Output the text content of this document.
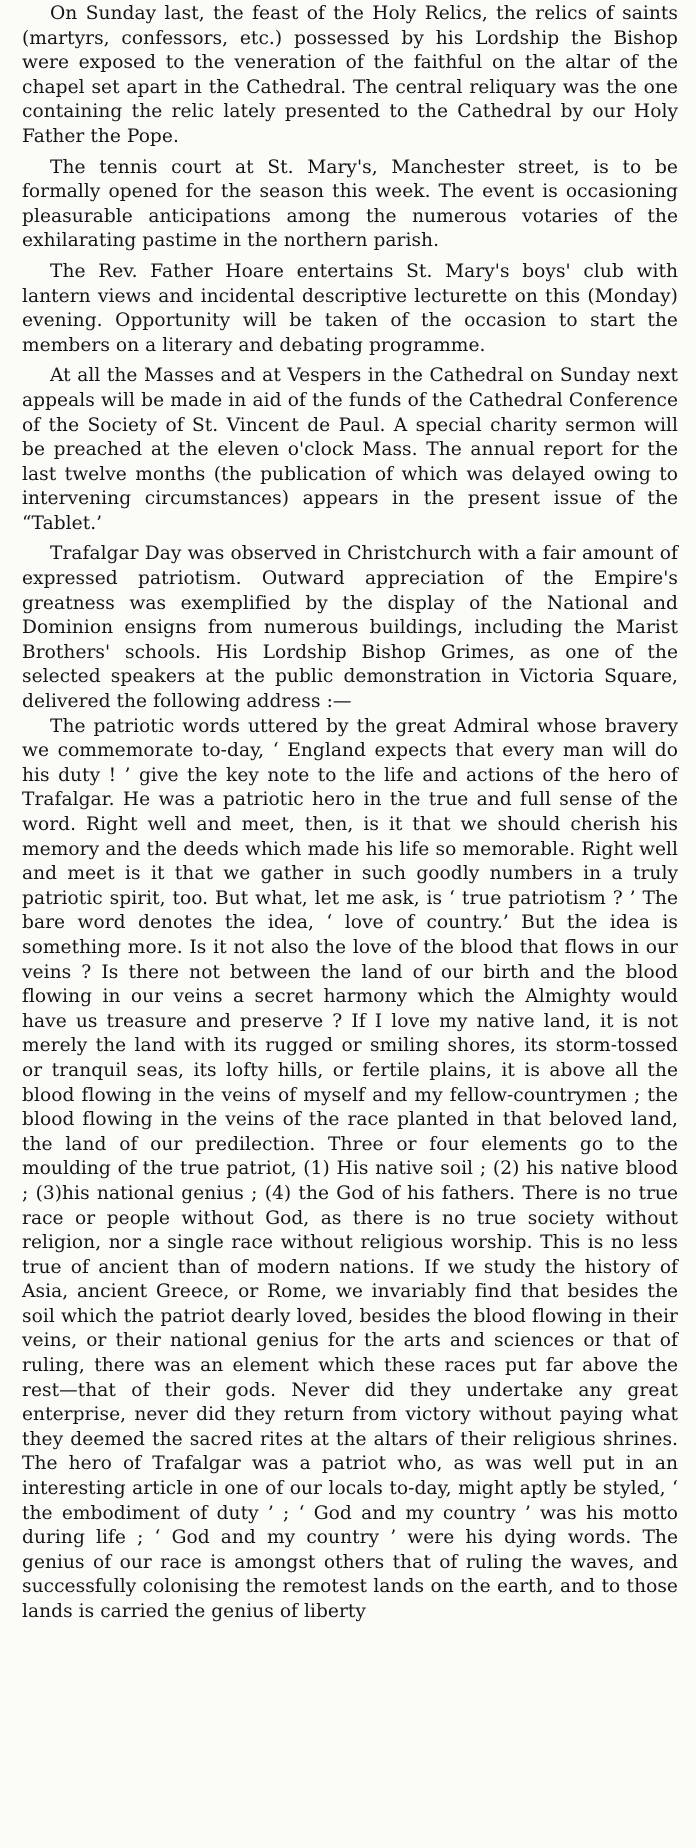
On Sunday last, the feast of the Holy Relics, the relics of saints (martyrs, confessors, etc.) possessed by his Lordship the Bishop were exposed to the veneration of the faithful on the altar of the chapel set apart in the Cathedral. The central reliquary was the one containing the relic lately presented to the Cathedral by our Holy Father the Pope.

The tennis court at St. Mary's, Manchester street, is to be formally opened for the season this week. The event is occasioning pleasurable anticipations among the numerous votaries of the exhilarating pastime in the northern parish.

The Rev. Father Hoare entertains St. Mary's boys' club with lantern views and incidental descriptive lecturette on this (Monday) evening. Opportunity will be taken of the occasion to start the members on a literary and debating programme.

At all the Masses and at Vespers in the Cathedral on Sunday next appeals will be made in aid of the funds of the Cathedral Conference of the Society of St. Vincent de Paul. A special charity sermon will be preached at the eleven o'clock Mass. The annual report for the last twelve months (the publication of which was delayed owing to intervening circumstances) appears in the present issue of the “Tablet.’

Trafalgar Day was observed in Christchurch with a fair amount of expressed patriotism. Outward appreciation of the Empire's greatness was exemplified by the display of the National and Dominion ensigns from numerous buildings, including the Marist Brothers' schools. His Lordship Bishop Grimes, as one of the selected speakers at the public demonstration in Victoria Square, delivered the following address :—

The patriotic words uttered by the great Admiral whose bravery we commemorate to-day, ‘ England expects that every man will do his duty ! ’ give the key note to the life and actions of the hero of Trafalgar. He was a patriotic hero in the true and full sense of the word. Right well and meet, then, is it that we should cherish his memory and the deeds which made his life so memorable. Right well and meet is it that we gather in such goodly numbers in a truly patriotic spirit, too. But what, let me ask, is ‘ true patriotism ? ’ The bare word denotes the idea, ‘ love of country.’ But the idea is something more. Is it not also the love of the blood that flows in our veins ? Is there not between the land of our birth and the blood flowing in our veins a secret harmony which the Almighty would have us treasure and preserve ? If I love my native land, it is not merely the land with its rugged or smiling shores, its storm-tossed or tranquil seas, its lofty hills, or fertile plains, it is above all the blood flowing in the veins of myself and my fellow-countrymen ; the blood flowing in the veins of the race planted in that beloved land, the land of our predilection. Three or four elements go to the moulding of the true patriot, (1) His native soil ; (2) his native blood ; (3)his national genius ; (4) the God of his fathers. There is no true race or people without God, as there is no true society without religion, nor a single race without religious worship. This is no less true of ancient than of modern nations. If we study the history of Asia, ancient Greece, or Rome, we invariably find that besides the soil which the patriot dearly loved, besides the blood flowing in their veins, or their national genius for the arts and sciences or that of ruling, there was an element which these races put far above the rest—that of their gods. Never did they undertake any great enterprise, never did they return from victory without paying what they deemed the sacred rites at the altars of their religious shrines. The hero of Trafalgar was a patriot who, as was well put in an interesting article in one of our locals to-day, might aptly be styled, ‘ the embodiment of duty ’ ; ‘ God and my country ’ was his motto during life ; ‘ God and my country ’ were his dying words. The genius of our race is amongst others that of ruling the waves, and successfully colonising the remotest lands on the earth, and to those lands is carried the genius of liberty
